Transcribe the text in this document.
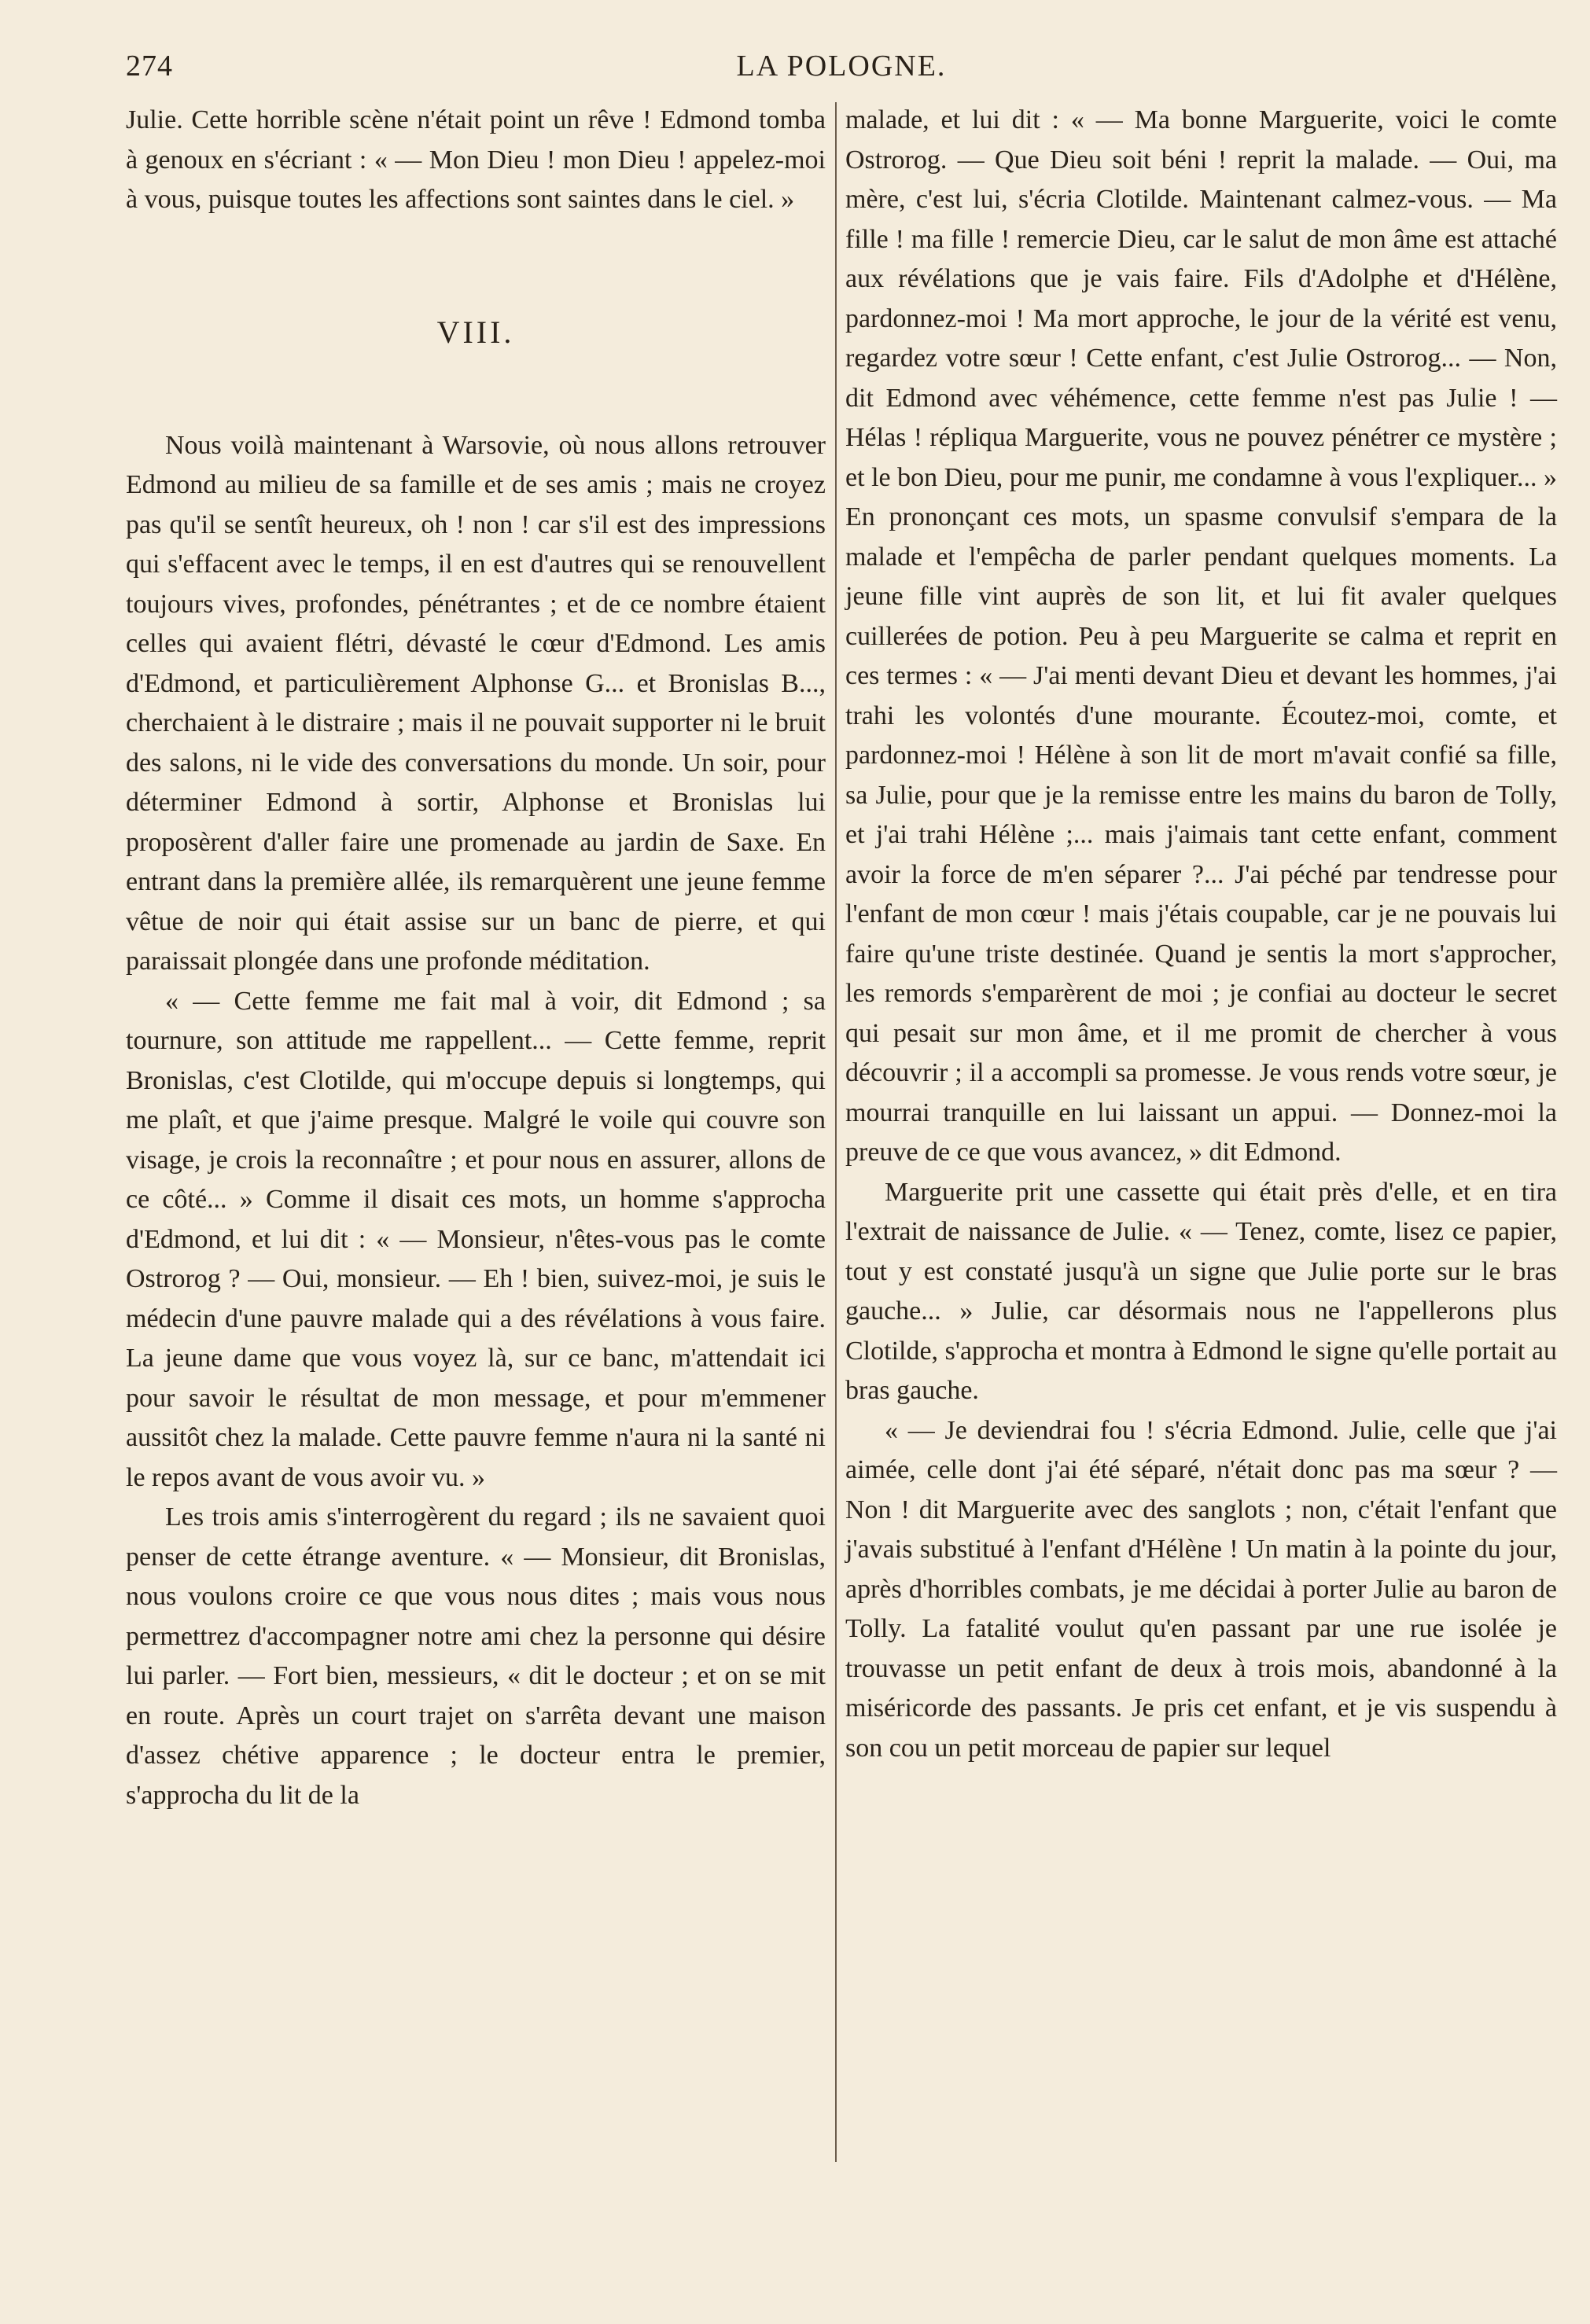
274	LA POLOGNE.

Julie. Cette horrible scène n'était point un rêve ! Edmond tomba à genoux en s'écriant : « — Mon Dieu ! mon Dieu ! appelez-moi à vous, puisque toutes les affections sont saintes dans le ciel. »

VIII.

Nous voilà maintenant à Warsovie, où nous allons retrouver Edmond au milieu de sa famille et de ses amis ; mais ne croyez pas qu'il se sentît heureux, oh ! non ! car s'il est des impressions qui s'effacent avec le temps, il en est d'autres qui se renouvellent toujours vives, profondes, pénétrantes ; et de ce nombre étaient celles qui avaient flétri, dévasté le cœur d'Edmond. Les amis d'Edmond, et particulièrement Alphonse G... et Bronislas B..., cherchaient à le distraire ; mais il ne pouvait supporter ni le bruit des salons, ni le vide des conversations du monde. Un soir, pour déterminer Edmond à sortir, Alphonse et Bronislas lui proposèrent d'aller faire une promenade au jardin de Saxe. En entrant dans la première allée, ils remarquèrent une jeune femme vêtue de noir qui était assise sur un banc de pierre, et qui paraissait plongée dans une profonde méditation.

« — Cette femme me fait mal à voir, dit Edmond ; sa tournure, son attitude me rappellent... — Cette femme, reprit Bronislas, c'est Clotilde, qui m'occupe depuis si longtemps, qui me plaît, et que j'aime presque. Malgré le voile qui couvre son visage, je crois la reconnaître ; et pour nous en assurer, allons de ce côté... » Comme il disait ces mots, un homme s'approcha d'Edmond, et lui dit : « — Monsieur, n'êtes-vous pas le comte Ostrorog ? — Oui, monsieur. — Eh ! bien, suivez-moi, je suis le médecin d'une pauvre malade qui a des révélations à vous faire. La jeune dame que vous voyez là, sur ce banc, m'attendait ici pour savoir le résultat de mon message, et pour m'emmener aussitôt chez la malade. Cette pauvre femme n'aura ni la santé ni le repos avant de vous avoir vu. »

Les trois amis s'interrogèrent du regard ; ils ne savaient quoi penser de cette étrange aventure. « — Monsieur, dit Bronislas, nous voulons croire ce que vous nous dites ; mais vous nous permettrez d'accompagner notre ami chez la personne qui désire lui parler. — Fort bien, messieurs, « dit le docteur ; et on se mit en route. Après un court trajet on s'arrêta devant une maison d'assez chétive apparence ; le docteur entra le premier, s'approcha du lit de la

malade, et lui dit : « — Ma bonne Marguerite, voici le comte Ostrorog. — Que Dieu soit béni ! reprit la malade. — Oui, ma mère, c'est lui, s'écria Clotilde. Maintenant calmez-vous. — Ma fille ! ma fille ! remercie Dieu, car le salut de mon âme est attaché aux révélations que je vais faire. Fils d'Adolphe et d'Hélène, pardonnez-moi ! Ma mort approche, le jour de la vérité est venu, regardez votre sœur ! Cette enfant, c'est Julie Ostrorog... — Non, dit Edmond avec véhémence, cette femme n'est pas Julie ! — Hélas ! répliqua Marguerite, vous ne pouvez pénétrer ce mystère ; et le bon Dieu, pour me punir, me condamne à vous l'expliquer... » En prononçant ces mots, un spasme convulsif s'empara de la malade et l'empêcha de parler pendant quelques moments. La jeune fille vint auprès de son lit, et lui fit avaler quelques cuillerées de potion. Peu à peu Marguerite se calma et reprit en ces termes : « — J'ai menti devant Dieu et devant les hommes, j'ai trahi les volontés d'une mourante. Écoutez-moi, comte, et pardonnez-moi ! Hélène à son lit de mort m'avait confié sa fille, sa Julie, pour que je la remisse entre les mains du baron de Tolly, et j'ai trahi Hélène ;... mais j'aimais tant cette enfant, comment avoir la force de m'en séparer ?... J'ai péché par tendresse pour l'enfant de mon cœur ! mais j'étais coupable, car je ne pouvais lui faire qu'une triste destinée. Quand je sentis la mort s'approcher, les remords s'emparèrent de moi ; je confiai au docteur le secret qui pesait sur mon âme, et il me promit de chercher à vous découvrir ; il a accompli sa promesse. Je vous rends votre sœur, je mourrai tranquille en lui laissant un appui. — Donnez-moi la preuve de ce que vous avancez, » dit Edmond.

Marguerite prit une cassette qui était près d'elle, et en tira l'extrait de naissance de Julie. « — Tenez, comte, lisez ce papier, tout y est constaté jusqu'à un signe que Julie porte sur le bras gauche... » Julie, car désormais nous ne l'appellerons plus Clotilde, s'approcha et montra à Edmond le signe qu'elle portait au bras gauche.

« — Je deviendrai fou ! s'écria Edmond. Julie, celle que j'ai aimée, celle dont j'ai été séparé, n'était donc pas ma sœur ? — Non ! dit Marguerite avec des sanglots ; non, c'était l'enfant que j'avais substitué à l'enfant d'Hélène ! Un matin à la pointe du jour, après d'horribles combats, je me décidai à porter Julie au baron de Tolly. La fatalité voulut qu'en passant par une rue isolée je trouvasse un petit enfant de deux à trois mois, abandonné à la miséricorde des passants. Je pris cet enfant, et je vis suspendu à son cou un petit morceau de papier sur lequel
